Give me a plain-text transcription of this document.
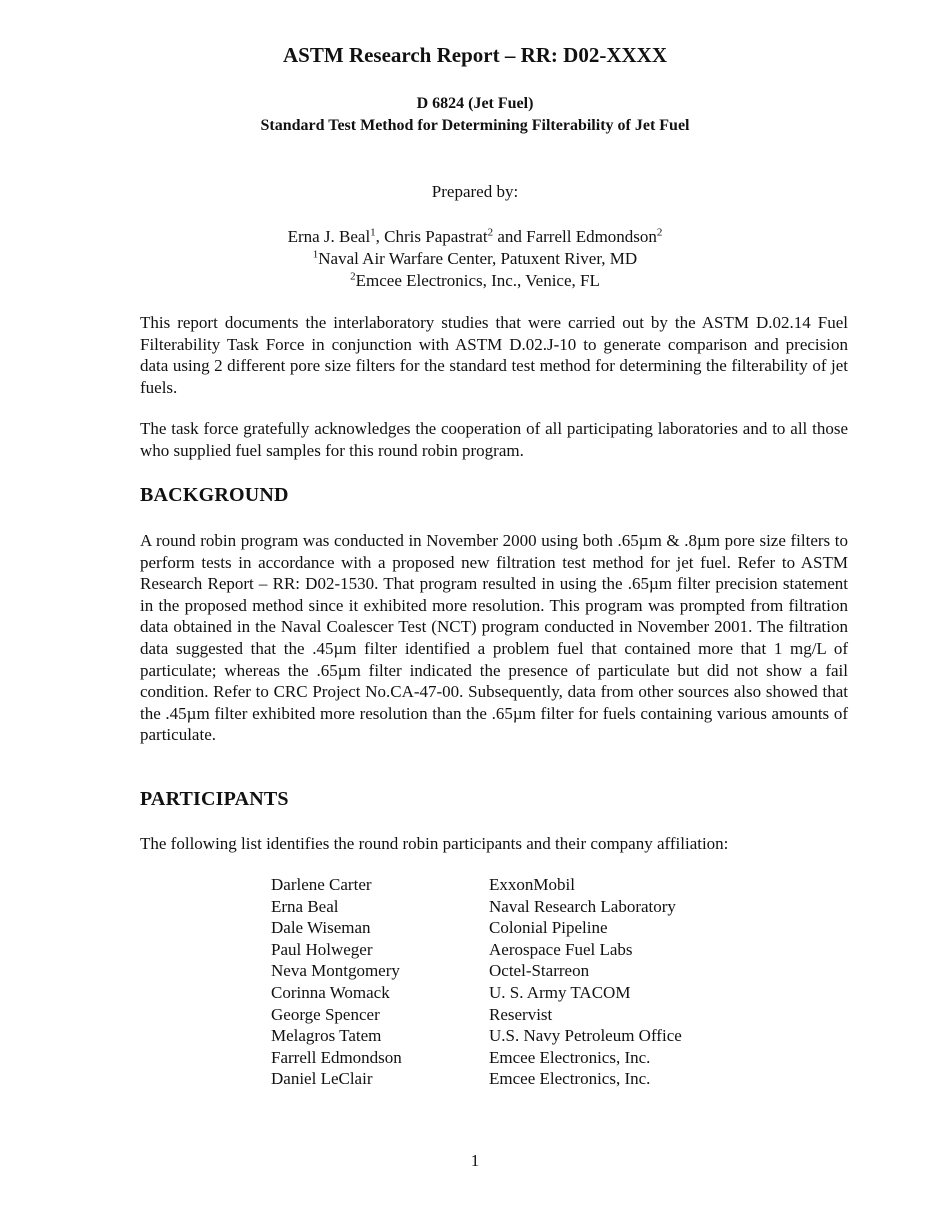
ASTM Research Report – RR: D02-XXXX
D 6824 (Jet Fuel)
Standard Test Method for Determining Filterability of Jet Fuel
Prepared by:
Erna J. Beal$^1$, Chris Papastrat$^2$ and Farrell Edmondson$^2$
$^1$Naval Air Warfare Center, Patuxent River, MD
$^2$Emcee Electronics, Inc., Venice, FL

This report documents the interlaboratory studies that were carried out by the ASTM D.02.14 Fuel Filterability Task Force in conjunction with ASTM D.02.J-10 to generate comparison and precision data using 2 different pore size filters for the standard test method for determining the filterability of jet fuels.

The task force gratefully acknowledges the cooperation of all participating laboratories and to all those who supplied fuel samples for this round robin program.

BACKGROUND

A round robin program was conducted in November 2000 using both .65µm & .8µm pore size filters to perform tests in accordance with a proposed new filtration test method for jet fuel. Refer to ASTM Research Report – RR: D02-1530. That program resulted in using the .65µm filter precision statement in the proposed method since it exhibited more resolution. This program was prompted from filtration data obtained in the Naval Coalescer Test (NCT) program conducted in November 2001. The filtration data suggested that the .45µm filter identified a problem fuel that contained more that 1 mg/L of particulate; whereas the .65µm filter indicated the presence of particulate but did not show a fail condition. Refer to CRC Project No.CA-47-00. Subsequently, data from other sources also showed that the .45µm filter exhibited more resolution than the .65µm filter for fuels containing various amounts of particulate.

PARTICIPANTS

The following list identifies the round robin participants and their company affiliation:

Darlene Carter	ExxonMobil
Erna Beal	Naval Research Laboratory
Dale Wiseman	Colonial Pipeline
Paul Holweger	Aerospace Fuel Labs
Neva Montgomery	Octel-Starreon
Corinna Womack	U. S. Army TACOM
George Spencer	Reservist
Melagros Tatem	U.S. Navy Petroleum Office
Farrell Edmondson	Emcee Electronics, Inc.
Daniel LeClair	Emcee Electronics, Inc.
1
